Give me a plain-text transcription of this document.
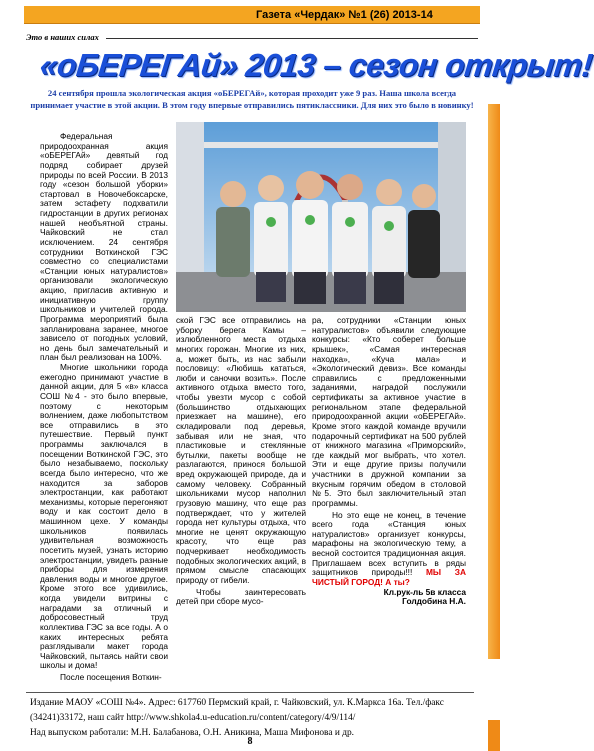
Газета «Чердак» №1 (26) 2013-14
Это в наших силах
«оБЕРЕГАй» 2013 – сезон открыт!
24 сентября прошла экологическая акция «оБЕРЕГАй», которая проходит уже 9 раз. Наша школа всегда принимает участие в этой акции. В этом году впервые отправились пятиклассники. Для них это было в новинку!

Федеральная природоохранная акция «оБЕРЕГАй» девятый год подряд собирает друзей природы по всей России. В 2013 году «сезон большой уборки» стартовал в Новочебоксарске, затем эстафету подхватили гидростанции в других регионах нашей необъятной страны. Чайковский не стал исключением. 24 сентября сотрудники Воткинской ГЭС совместно со специалистами «Станции юных натуралистов» организовали экологическую акцию, пригласив активную и инициативную группу школьников и учителей города. Программа мероприятий была запланирована заранее, многое зависело от погодных условий, но день был замечательный и план был реализован на 100%.

Многие школьники города ежегодно принимают участие в данной акции, для 5 «в» класса СОШ №4 - это было впервые, поэтому с некоторым волнением, даже любопытством все отправились в это путешествие. Первый пункт программы заключался в посещении Воткинской ГЭС, это было незабываемо, поскольку всегда было интересно, что же находится за заборов электростанции, как работают механизмы, которые перегоняют воду и как состоит дело в машинном цехе. У команды школьников появилась удивительная возможность посетить музей, узнать историю электростанции, увидеть разные приборы для измерения давления воды и многое другое. Кроме этого все удивились, когда увидели витрины с наградами за отличный и добросовестный труд коллектива ГЭС за все годы. А о каких интересных ребята разглядывали макет города Чайковский, пытаясь найти свои школы и дома!

После посещения Воткин-

ской ГЭС все отправились на уборку берега Камы – излюбленного места отдыха многих горожан. Многие из них, а, может быть, из наc забыли пословицу: «Любишь кататься, люби и саночки возить». После активного отдыха вместо того, чтобы увезти мусор с собой (большинство отдыхающих приезжает на машине), его складировали под деревья, забывая или не зная, что пластиковые и стеклянные бутылки, пакеты вообще не разлагаются, принося большой вред окружающей природе, да и самому человеку. Собранный школьниками мусор наполнил грузовую машину, что еще раз подтверждает, что у жителей города нет культуры отдыха, что многие не ценят окружающую красоту, что еще раз подчеркивает необходимость подобных экологических акций, в прямом смысле спасающих природу от гибели.

Чтобы заинтересовать детей при сборе мусо-

ра, сотрудники «Станции юных натуралистов» объявили следующие конкурсы: «Кто соберет больше крышек», «Самая интересная находка», «Куча мала» и «Экологический девиз». Все команды справились с предложенными заданиями, наградой послужили сертификаты за активное участие в региональном этапе федеральной природоохранной акции «оБЕРЕГАй». Кроме этого каждой команде вручили подарочный сертификат на 500 рублей от книжного магазина «Приморский», где каждый мог выбрать, что хотел. Эти и еще другие призы получили участники в дружной компании за вкусным горячим обедом в столовой №5. Это был заключительный этап программы.

Но это еще не конец, в течение всего года «Станция юных натуралистов» организует конкурсы, марафоны на экологическую тему, а весной состоится традиционная акция. Приглашаем всех вступить в ряды защитников природы!!! МЫ ЗА ЧИСТЫЙ ГОРОД! А ты?

Кл.рук-ль 5в класса
Голдобина Н.А.
Издание МАОУ «СОШ №4». Адрес: 617760 Пермский край, г. Чайковский, ул. К.Маркса 16а. Тел./факс (34241)33172, наш сайт http://www.shkola4.u-education.ru/content/category/4/9/114/
Над выпуском работали: М.Н. Балабанова, О.Н. Аникина, Маша Мифонова и др.
8
